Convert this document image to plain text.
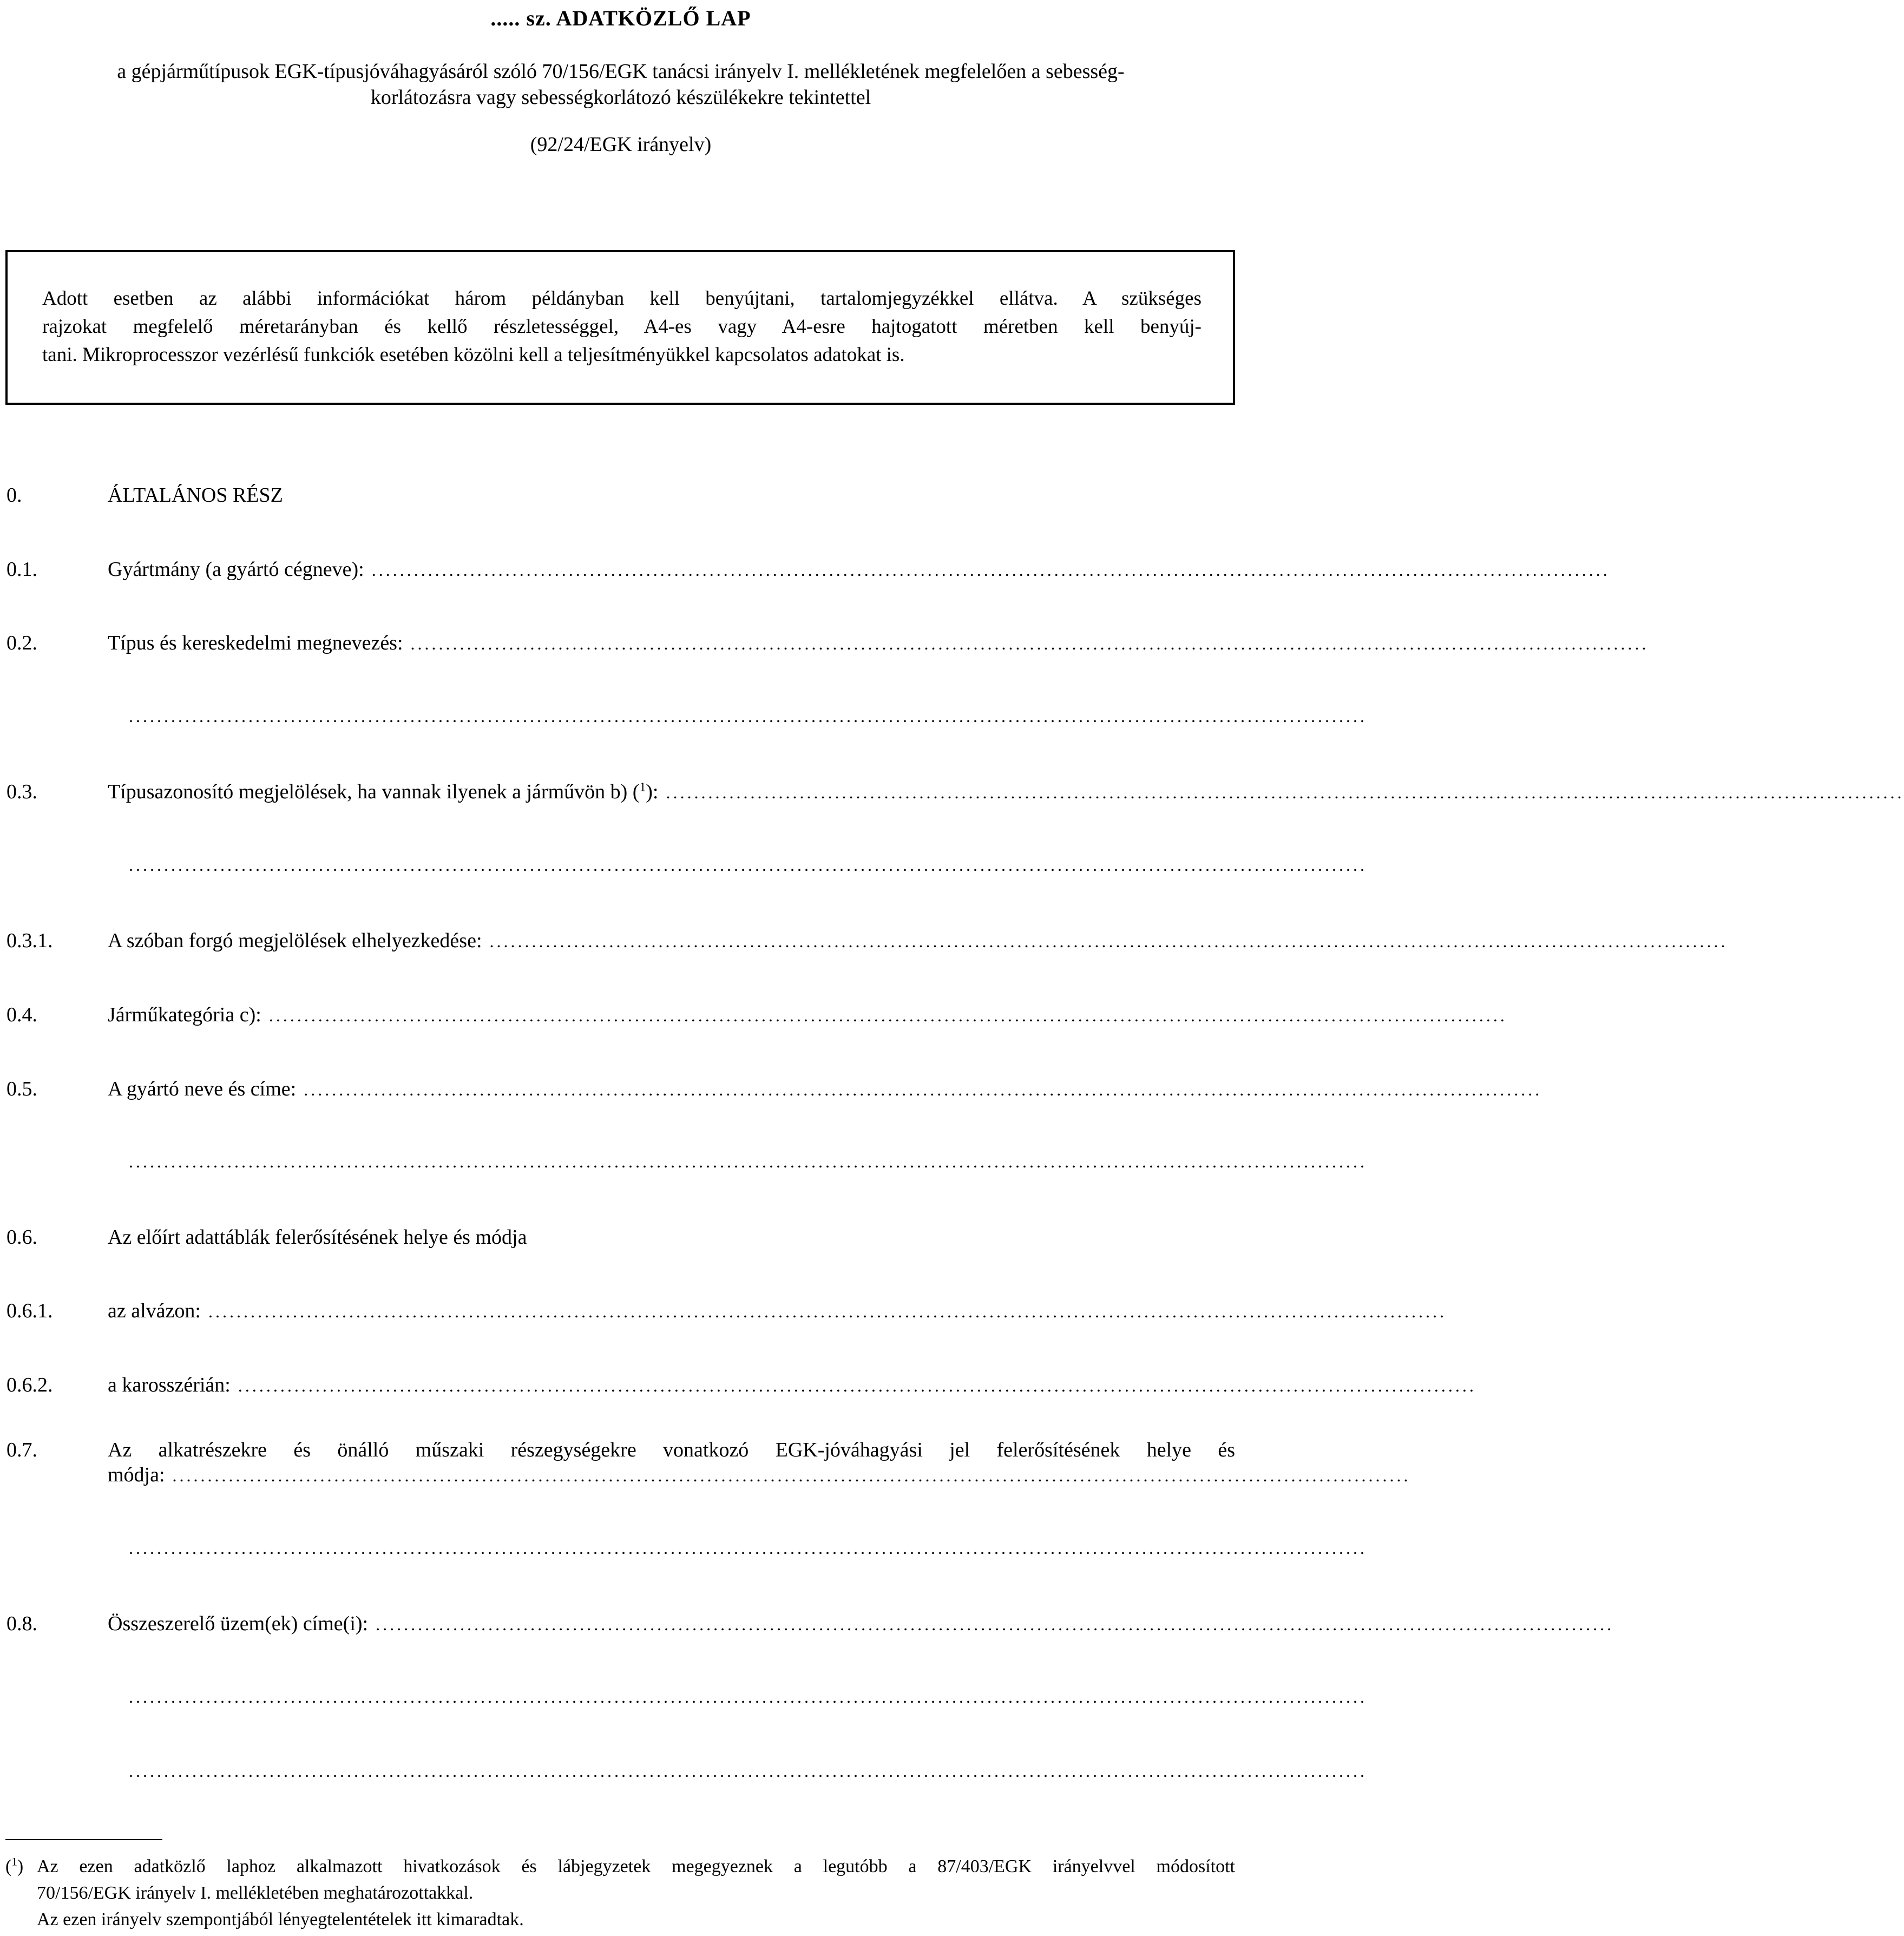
..... sz. ADATKÖZLŐ LAP
a gépjárműtípusok EGK-típusjóváhagyásáról szóló 70/156/EGK tanácsi irányelv I. mellékletének megfelelően a sebesség-
korlátozásra vagy sebességkorlátozó készülékekre tekintettel
(92/24/EGK irányelv)
Adott esetben az alábbi információkat három példányban kell benyújtani, tartalomjegyzékkel ellátva. A szükséges
rajzokat megfelelő méretarányban és kellő részletességgel, A4-es vagy A4-esre hajtogatott méretben kell benyúj-
tani. Mikroprocesszor vezérlésű funkciók esetében közölni kell a teljesítményükkel kapcsolatos adatokat is.
0.	ÁLTALÁNOS RÉSZ
0.1.	Gyártmány (a gyártó cégneve): ................................................................................................................................................................................
0.2.	Típus és kereskedelmi megnevezés: ................................................................................................................................................................................
................................................................................................................................................................................
0.3.	Típusazonosító megjelölések, ha vannak ilyenek a járművön b) ($^1$): ................................................................................................................................................................................
................................................................................................................................................................................
0.3.1.	A szóban forgó megjelölések elhelyezkedése: ................................................................................................................................................................................
0.4.	Járműkategória c): ................................................................................................................................................................................
0.5.	A gyártó neve és címe: ................................................................................................................................................................................
................................................................................................................................................................................
0.6.	Az előírt adattáblák felerősítésének helye és módja
0.6.1.	az alvázon: ................................................................................................................................................................................
0.6.2.	a karosszérián: ................................................................................................................................................................................
0.7.	Az alkatrészekre és önálló műszaki részegységekre vonatkozó EGK-jóváhagyási jel felerősítésének helye és
módja: ................................................................................................................................................................................
................................................................................................................................................................................
0.8.	Összeszerelő üzem(ek) címe(i): ................................................................................................................................................................................
................................................................................................................................................................................
................................................................................................................................................................................
($^1$) Az ezen adatközlő laphoz alkalmazott hivatkozások és lábjegyzetek megegyeznek a legutóbb a 87/403/EGK irányelvvel módosított
70/156/EGK irányelv I. mellékletében meghatározottakkal.
Az ezen irányelv szempontjából lényegtelentételek itt kimaradtak.
